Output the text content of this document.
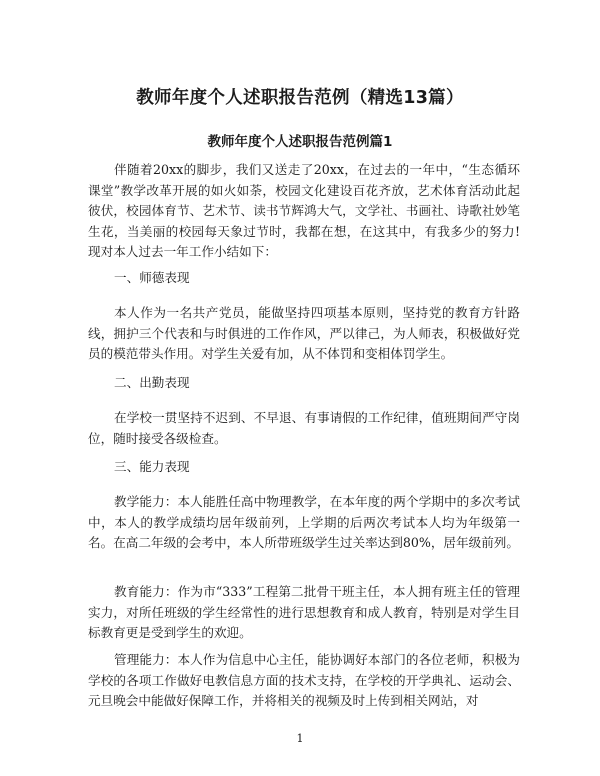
教师年度个人述职报告范例（精选13篇）
教师年度个人述职报告范例篇1

伴随着20xx的脚步，我们又送走了20xx，在过去的一年中，“生态循环课堂”教学改革开展的如火如荼，校园文化建设百花齐放，艺术体育活动此起彼伏，校园体育节、艺术节、读书节辉鸿大气，文学社、书画社、诗歌社妙笔生花，当美丽的校园每天象过节时，我都在想，在这其中，有我多少的努力!现对本人过去一年工作小结如下：

一、师德表现

本人作为一名共产党员，能做坚持四项基本原则，坚持党的教育方针路线，拥护三个代表和与时俱进的工作作风，严以律己，为人师表，积极做好党员的模范带头作用。对学生关爱有加，从不体罚和变相体罚学生。

二、出勤表现

在学校一贯坚持不迟到、不早退、有事请假的工作纪律，值班期间严守岗位，随时接受各级检查。

三、能力表现

教学能力：本人能胜任高中物理教学，在本年度的两个学期中的多次考试中，本人的教学成绩均居年级前列，上学期的后两次考试本人均为年级第一名。在高二年级的会考中，本人所带班级学生过关率达到80%，居年级前列。

教育能力：作为市“333”工程第二批骨干班主任，本人拥有班主任的管理实力，对所任班级的学生经常性的进行思想教育和成人教育，特别是对学生目标教育更是受到学生的欢迎。

管理能力：本人作为信息中心主任，能协调好本部门的各位老师，积极为学校的各项工作做好电教信息方面的技术支持，在学校的开学典礼、运动会、元旦晚会中能做好保障工作，并将相关的视频及时上传到相关网站，对

1
